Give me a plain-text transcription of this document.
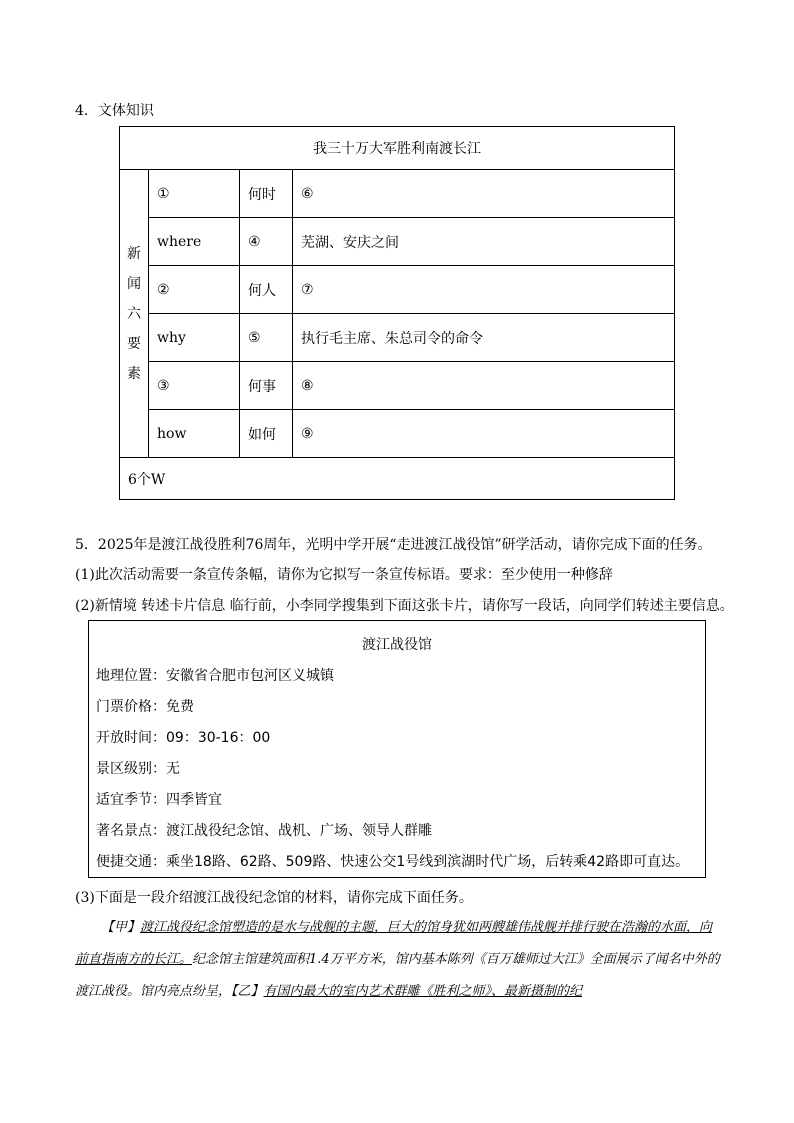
4．文体知识
我三十万大军胜利南渡长江			

新
闻
六
要
素	①	何时	⑥
	where	④	芜湖、安庆之间
	②	何人	⑦
	why	⑤	执行毛主席、朱总司令的命令
	③	何事	⑧
	how	如何	⑨
6个W			
5．2025年是渡江战役胜利76周年，光明中学开展“走进渡江战役馆”研学活动，请你完成下面的任务。
(1)此次活动需要一条宣传条幅，请你为它拟写一条宣传标语。要求：至少使用一种修辞
(2)新情境 转述卡片信息 临行前，小李同学搜集到下面这张卡片，请你写一段话，向同学们转述主要信息。
渡江战役馆
地理位置：安徽省合肥市包河区义城镇
门票价格：免费
开放时间：09：30-16：00
景区级别：无
适宜季节：四季皆宜
著名景点：渡江战役纪念馆、战机、广场、领导人群雕
便捷交通：乘坐18路、62路、509路、快速公交1号线到滨湖时代广场，后转乘42路即可直达。
(3)下面是一段介绍渡江战役纪念馆的材料，请你完成下面任务。
【甲】渡江战役纪念馆塑造的是水与战舰的主题，巨大的馆身犹如两艘雄伟战舰并排行驶在浩瀚的水面，向前直指南方的长江。纪念馆主馆建筑面积1.4万平方米，馆内基本陈列《百万雄师过大江》全面展示了闻名中外的渡江战役。馆内亮点纷呈，【乙】有国内最大的室内艺术群雕《胜利之师》、最新摄制的纪
